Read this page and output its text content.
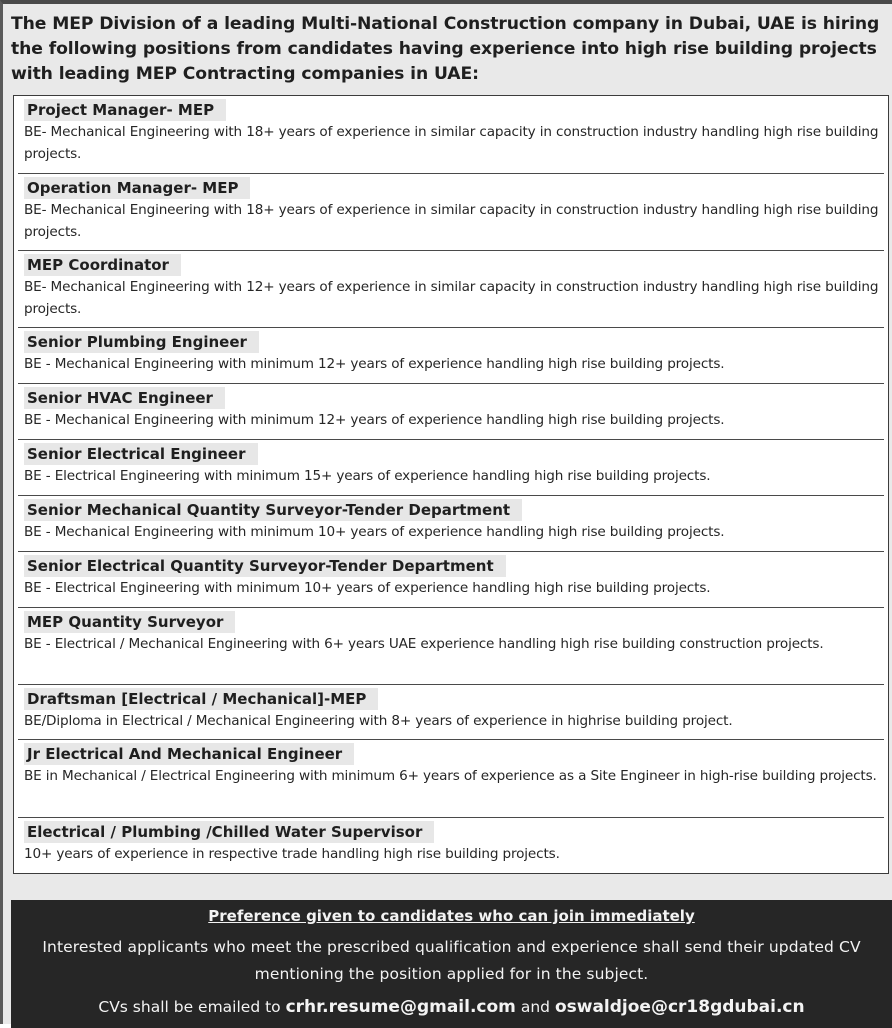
The MEP Division of a leading Multi-National Construction company in Dubai, UAE is hiring the following positions from candidates having experience into high rise building projects with leading MEP Contracting companies in UAE:
Project Manager- MEP
BE- Mechanical Engineering with 18+ years of experience in similar capacity in construction industry handling high rise building projects.
Operation Manager- MEP
BE- Mechanical Engineering with 18+ years of experience in similar capacity in construction industry handling high rise building projects.
MEP Coordinator
BE- Mechanical Engineering with 12+ years of experience in similar capacity in construction industry handling high rise building projects.
Senior Plumbing Engineer
BE - Mechanical Engineering with minimum 12+ years of experience handling high rise building projects.
Senior HVAC Engineer
BE - Mechanical Engineering with minimum 12+ years of experience handling high rise building projects.
Senior Electrical Engineer
BE - Electrical Engineering with minimum 15+ years of experience handling high rise building projects.
Senior Mechanical Quantity Surveyor-Tender Department
BE - Mechanical Engineering with minimum 10+ years of experience handling high rise building projects.
Senior Electrical Quantity Surveyor-Tender Department
BE - Electrical Engineering with minimum 10+ years of experience handling high rise building projects.
MEP Quantity Surveyor
BE - Electrical / Mechanical Engineering with 6+ years UAE experience handling high rise building construction projects.
Draftsman [Electrical / Mechanical]-MEP
BE/Diploma in Electrical / Mechanical Engineering with 8+ years of experience in highrise building project.
Jr Electrical And Mechanical Engineer
BE in Mechanical / Electrical Engineering with minimum 6+ years of experience as a Site Engineer in high-rise building projects.
Electrical / Plumbing /Chilled Water Supervisor
10+ years of experience in respective trade handling high rise building projects.
Preference given to candidates who can join immediately
Interested applicants who meet the prescribed qualification and experience shall send their updated CV mentioning the position applied for in the subject.
CVs shall be emailed to crhr.resume@gmail.com and oswaldjoe@cr18gdubai.cn
